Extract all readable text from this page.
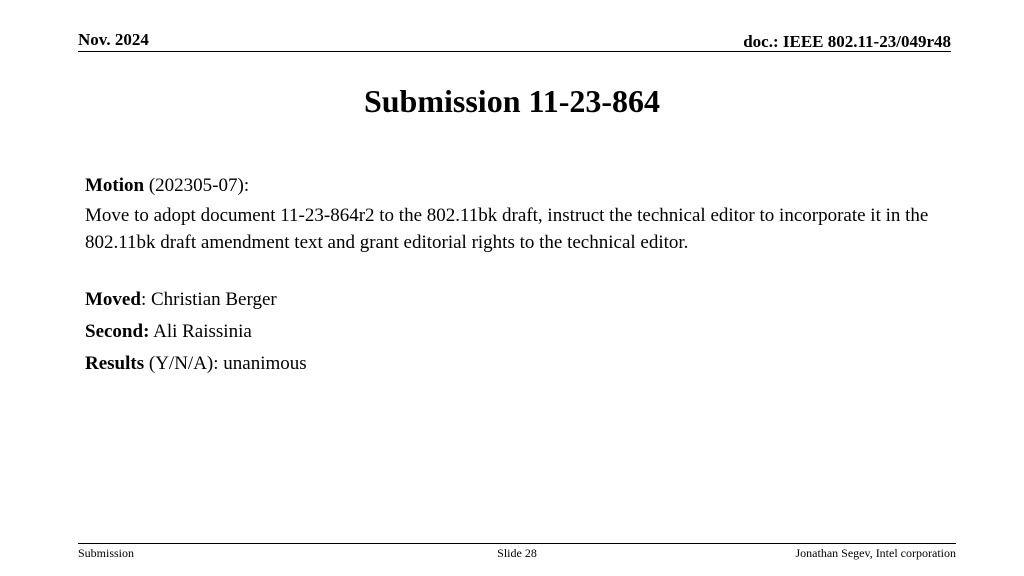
Nov. 2024	doc.: IEEE 802.11-23/049r48
Submission 11-23-864

Motion (202305-07):

Move to adopt document 11-23-864r2 to the 802.11bk draft, instruct the technical editor to incorporate it in the 802.11bk draft amendment text and grant editorial rights to the technical editor.

Moved: Christian Berger

Second: Ali Raissinia

Results (Y/N/A): unanimous

Submission	Slide 28	Jonathan Segev, Intel corporation
